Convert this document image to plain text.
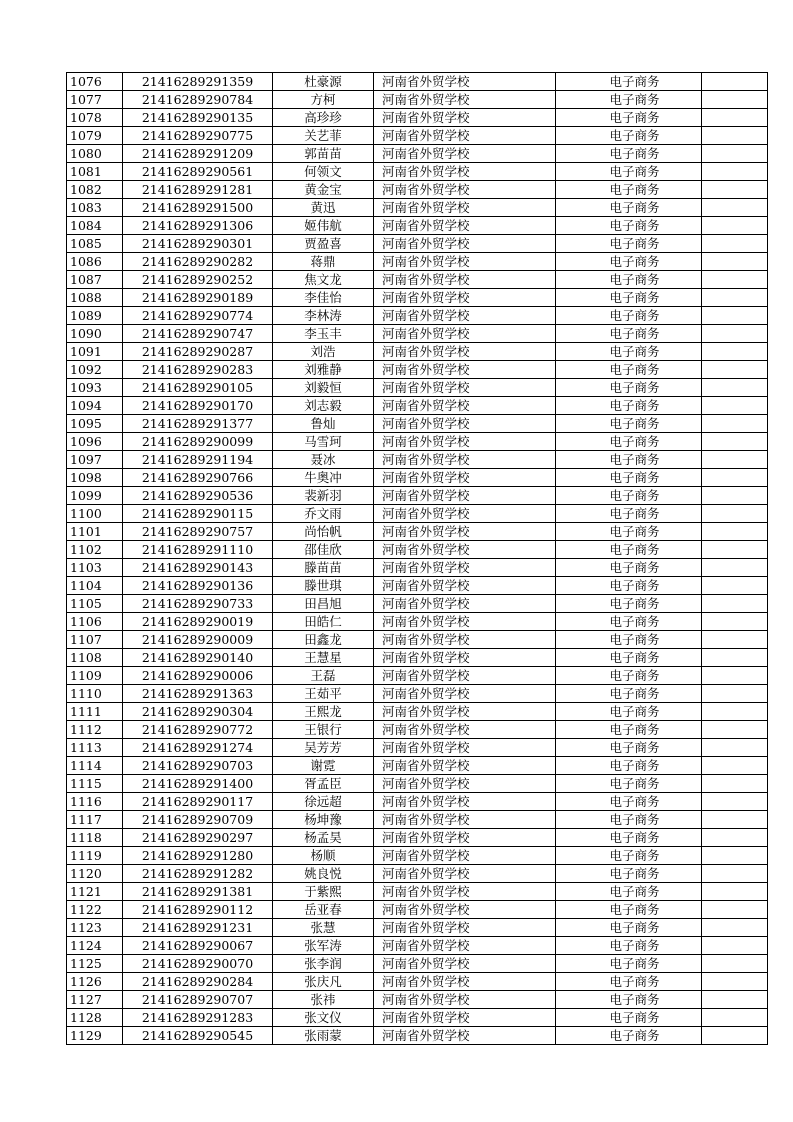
1076	21416289291359	杜豪源	河南省外贸学校	电子商务	
1077	21416289290784	方柯	河南省外贸学校	电子商务	
1078	21416289290135	高珍珍	河南省外贸学校	电子商务	
1079	21416289290775	关艺菲	河南省外贸学校	电子商务	
1080	21416289291209	郭苗苗	河南省外贸学校	电子商务	
1081	21416289290561	何领文	河南省外贸学校	电子商务	
1082	21416289291281	黄金宝	河南省外贸学校	电子商务	
1083	21416289291500	黄迅	河南省外贸学校	电子商务	
1084	21416289291306	姬伟航	河南省外贸学校	电子商务	
1085	21416289290301	贾盈喜	河南省外贸学校	电子商务	
1086	21416289290282	蒋鼎	河南省外贸学校	电子商务	
1087	21416289290252	焦文龙	河南省外贸学校	电子商务	
1088	21416289290189	李佳怡	河南省外贸学校	电子商务	
1089	21416289290774	李林涛	河南省外贸学校	电子商务	
1090	21416289290747	李玉丰	河南省外贸学校	电子商务	
1091	21416289290287	刘浩	河南省外贸学校	电子商务	
1092	21416289290283	刘雅静	河南省外贸学校	电子商务	
1093	21416289290105	刘毅恒	河南省外贸学校	电子商务	
1094	21416289290170	刘志毅	河南省外贸学校	电子商务	
1095	21416289291377	鲁灿	河南省外贸学校	电子商务	
1096	21416289290099	马雪珂	河南省外贸学校	电子商务	
1097	21416289291194	聂冰	河南省外贸学校	电子商务	
1098	21416289290766	牛奥冲	河南省外贸学校	电子商务	
1099	21416289290536	裴新羽	河南省外贸学校	电子商务	
1100	21416289290115	乔文雨	河南省外贸学校	电子商务	
1101	21416289290757	尚怡帆	河南省外贸学校	电子商务	
1102	21416289291110	邵佳欣	河南省外贸学校	电子商务	
1103	21416289290143	滕苗苗	河南省外贸学校	电子商务	
1104	21416289290136	滕世琪	河南省外贸学校	电子商务	
1105	21416289290733	田昌旭	河南省外贸学校	电子商务	
1106	21416289290019	田皓仁	河南省外贸学校	电子商务	
1107	21416289290009	田鑫龙	河南省外贸学校	电子商务	
1108	21416289290140	王慧星	河南省外贸学校	电子商务	
1109	21416289290006	王磊	河南省外贸学校	电子商务	
1110	21416289291363	王茹平	河南省外贸学校	电子商务	
1111	21416289290304	王熙龙	河南省外贸学校	电子商务	
1112	21416289290772	王银行	河南省外贸学校	电子商务	
1113	21416289291274	吴芳芳	河南省外贸学校	电子商务	
1114	21416289290703	谢霓	河南省外贸学校	电子商务	
1115	21416289291400	胥孟臣	河南省外贸学校	电子商务	
1116	21416289290117	徐远超	河南省外贸学校	电子商务	
1117	21416289290709	杨坤豫	河南省外贸学校	电子商务	
1118	21416289290297	杨孟昊	河南省外贸学校	电子商务	
1119	21416289291280	杨顺	河南省外贸学校	电子商务	
1120	21416289291282	姚良悦	河南省外贸学校	电子商务	
1121	21416289291381	于紫熙	河南省外贸学校	电子商务	
1122	21416289290112	岳亚春	河南省外贸学校	电子商务	
1123	21416289291231	张慧	河南省外贸学校	电子商务	
1124	21416289290067	张军涛	河南省外贸学校	电子商务	
1125	21416289290070	张李润	河南省外贸学校	电子商务	
1126	21416289290284	张庆凡	河南省外贸学校	电子商务	
1127	21416289290707	张祎	河南省外贸学校	电子商务	
1128	21416289291283	张文仪	河南省外贸学校	电子商务	
1129	21416289290545	张雨蒙	河南省外贸学校	电子商务	
